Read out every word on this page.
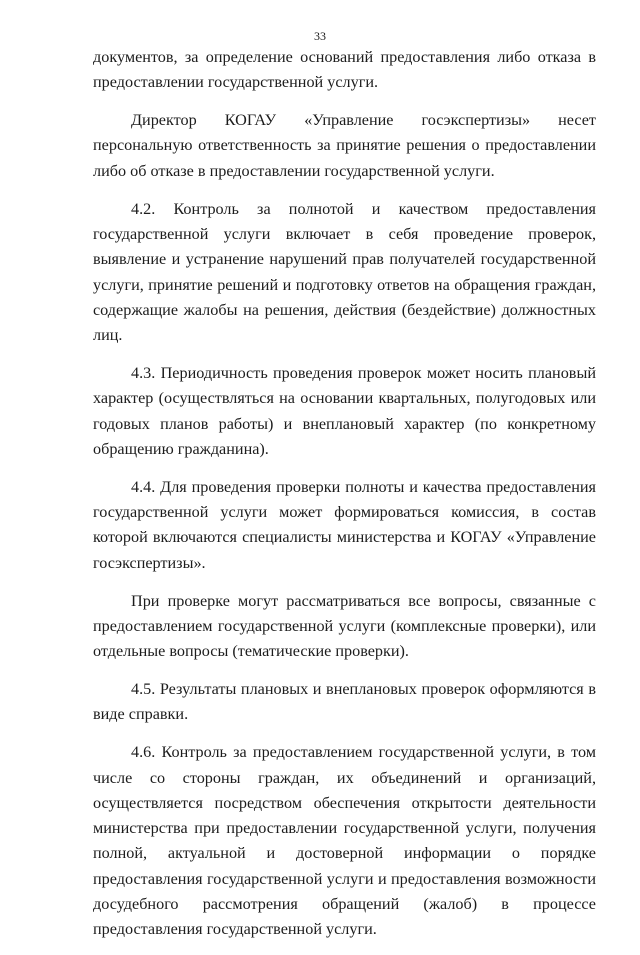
33

документов, за определение оснований предоставления либо отказа в предоставлении государственной услуги.

Директор КОГАУ «Управление госэкспертизы» несет персональную ответственность за принятие решения о предоставлении либо об отказе в предоставлении государственной услуги.

4.2. Контроль за полнотой и качеством предоставления государственной услуги включает в себя проведение проверок, выявление и устранение нарушений прав получателей государственной услуги, принятие решений и подготовку ответов на обращения граждан, содержащие жалобы на решения, действия (бездействие) должностных лиц.

4.3. Периодичность проведения проверок может носить плановый характер (осуществляться на основании квартальных, полугодовых или годовых планов работы) и внеплановый характер (по конкретному обращению гражданина).

4.4. Для проведения проверки полноты и качества предоставления государственной услуги может формироваться комиссия, в состав которой включаются специалисты министерства и КОГАУ «Управление госэкспертизы».

При проверке могут рассматриваться все вопросы, связанные с предоставлением государственной услуги (комплексные проверки), или отдельные вопросы (тематические проверки).

4.5. Результаты плановых и внеплановых проверок оформляются в виде справки.

4.6. Контроль за предоставлением государственной услуги, в том числе со стороны граждан, их объединений и организаций, осуществляется посредством обеспечения открытости деятельности министерства при предоставлении государственной услуги, получения полной, актуальной и достоверной информации о порядке предоставления государственной услуги и предоставления возможности досудебного рассмотрения обращений (жалоб) в процессе предоставления государственной услуги.
